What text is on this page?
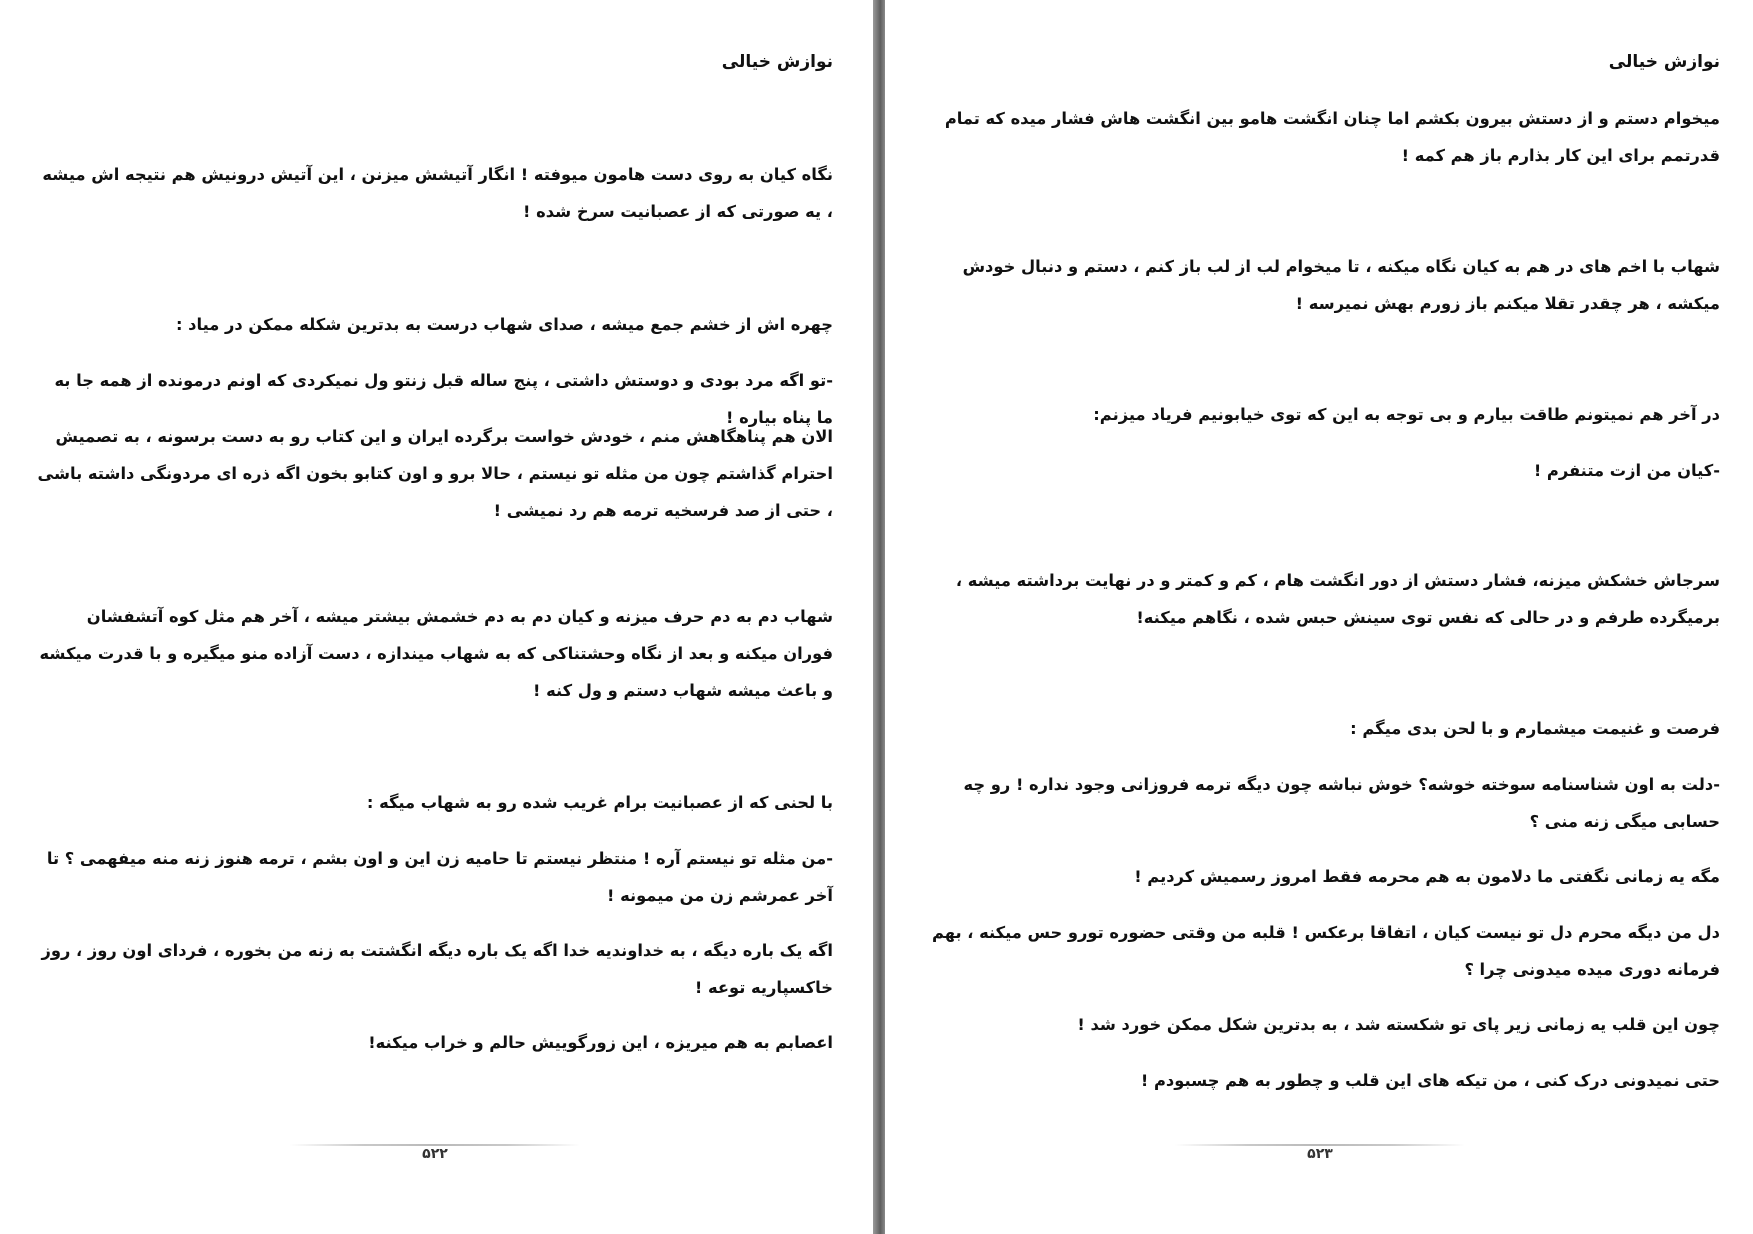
نوازش خیالی

نگاه کیان به روی دست هامون میوفته ! انگار آتیشش میزنن ، این آتیش درونیش هم نتیجه اش میشه ، یه صورتی که از عصبانیت سرخ شده !

چهره اش از خشم جمع میشه ، صدای شهاب درست به بدترین شکله ممکن در میاد :

-تو اگه مرد بودی و دوستش داشتی ، پنج ساله قبل زنتو ول نمیکردی که اونم درمونده از همه جا به ما پناه بیاره !

الان هم پناهگاهش منم ، خودش خواست برگرده ایران و این کتاب رو به دست برسونه ، به تصمیش احترام گذاشتم چون من مثله تو نیستم ، حالا برو و اون کتابو بخون اگه ذره ای مردونگی داشته باشی ، حتی از صد فرسخیه ترمه هم رد نمیشی !

شهاب دم به دم حرف میزنه و کیان دم به دم خشمش بیشتر میشه ، آخر هم مثل کوه آتشفشان فوران میکنه و بعد از نگاه وحشتناکی که به شهاب میندازه ، دست آزاده منو میگیره و با قدرت میکشه و باعث میشه شهاب دستم و ول کنه !

با لحنی که از عصبانیت برام غریب شده رو به شهاب میگه :

-من مثله تو نیستم آره ! منتظر نیستم تا حامیه زن این و اون بشم ، ترمه هنوز زنه منه میفهمی ؟ تا آخر عمرشم زن من میمونه !

اگه یک باره دیگه ، به خداوندیه خدا اگه یک باره دیگه انگشتت به زنه من بخوره ، فردای اون روز ، روز خاکسپاریه توعه !

اعصابم به هم میریزه ، این زورگوییش حالم و خراب میکنه!

۵۲۲
نوازش خیالی

میخوام دستم و از دستش بیرون بکشم اما چنان انگشت هامو بین انگشت هاش فشار میده که تمام قدرتمم برای این کار بذارم باز هم کمه !

شهاب با اخم های در هم به کیان نگاه میکنه ، تا میخوام لب از لب باز کنم ، دستم و دنبال خودش میکشه ، هر چقدر تقلا میکنم باز زورم بهش نمیرسه !

در آخر هم نمیتونم طاقت بیارم و بی توجه به این که توی خیابونیم فریاد میزنم:

-کیان من ازت متنفرم !

سرجاش خشکش میزنه، فشار دستش از دور انگشت هام ، کم و کمتر و در نهایت برداشته میشه ، برمیگرده طرفم و در حالی که نفس توی سینش حبس شده ، نگاهم میکنه!

فرصت و غنیمت میشمارم و با لحن بدی میگم :

-دلت به اون شناسنامه سوخته خوشه؟ خوش نباشه چون دیگه ترمه فروزانی وجود نداره ! رو چه حسابی میگی زنه منی ؟

مگه یه زمانی نگفتی ما دلامون به هم محرمه فقط امروز رسمیش کردیم !

دل من دیگه محرم دل تو نیست کیان ، اتفاقا برعکس ! قلبه من وقتی حضوره تورو حس میکنه ، بهم فرمانه دوری میده میدونی چرا ؟

چون این قلب یه زمانی زیر پای تو شکسته شد ، به بدترین شکل ممکن خورد شد !

حتی نمیدونی درک کنی ، من تیکه های این قلب و چطور به هم چسبودم !

۵۲۳
